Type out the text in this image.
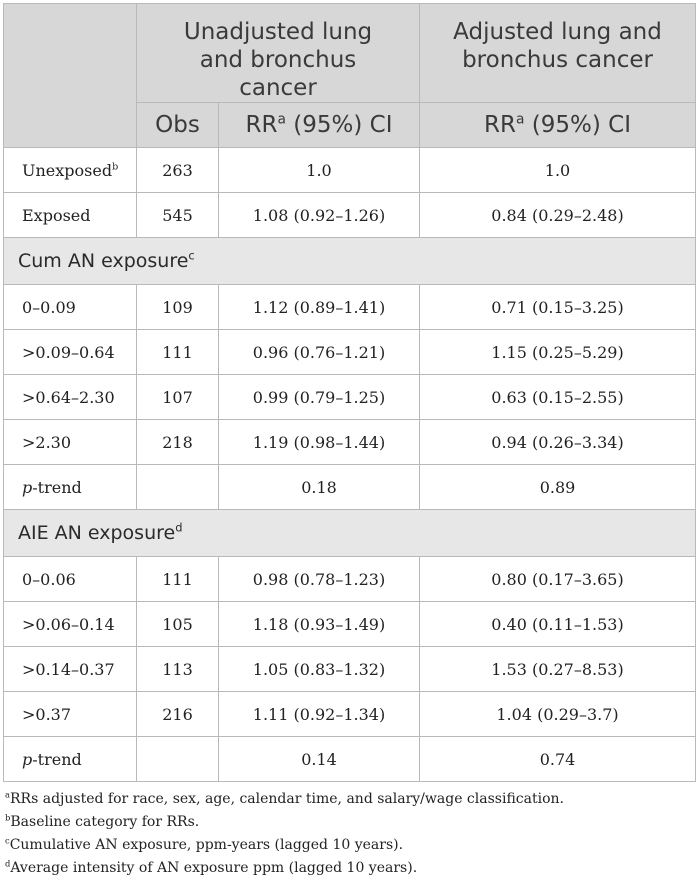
	Unadjusted lung and bronchus cancer		Adjusted lung and bronchus cancer

	Obs	$RR^a$ (95%) CI	$RR^a$ (95%) CI
Unexposed$^b$	263	1.0	1.0
Exposed	545	1.08 (0.92–1.26)	0.84 (0.29–2.48)
Cum AN exposure$^c$
0–0.09	109	1.12 (0.89–1.41)	0.71 (0.15–3.25)
>0.09–0.64	111	0.96 (0.76–1.21)	1.15 (0.25–5.29)
>0.64–2.30	107	0.99 (0.79–1.25)	0.63 (0.15–2.55)
>2.30	218	1.19 (0.98–1.44)	0.94 (0.26–3.34)
p-trend		0.18	0.89
AIE AN exposure$^d$
0–0.06	111	0.98 (0.78–1.23)	0.80 (0.17–3.65)
>0.06–0.14	105	1.18 (0.93–1.49)	0.40 (0.11–1.53)
>0.14–0.37	113	1.05 (0.83–1.32)	1.53 (0.27–8.53)
>0.37	216	1.11 (0.92–1.34)	1.04 (0.29–3.7)
p-trend		0.14	0.74
$^a$RRs adjusted for race, sex, age, calendar time, and salary/wage classification.
$^b$Baseline category for RRs.
$^c$Cumulative AN exposure, ppm-years (lagged 10 years).
$^d$Average intensity of AN exposure ppm (lagged 10 years).
